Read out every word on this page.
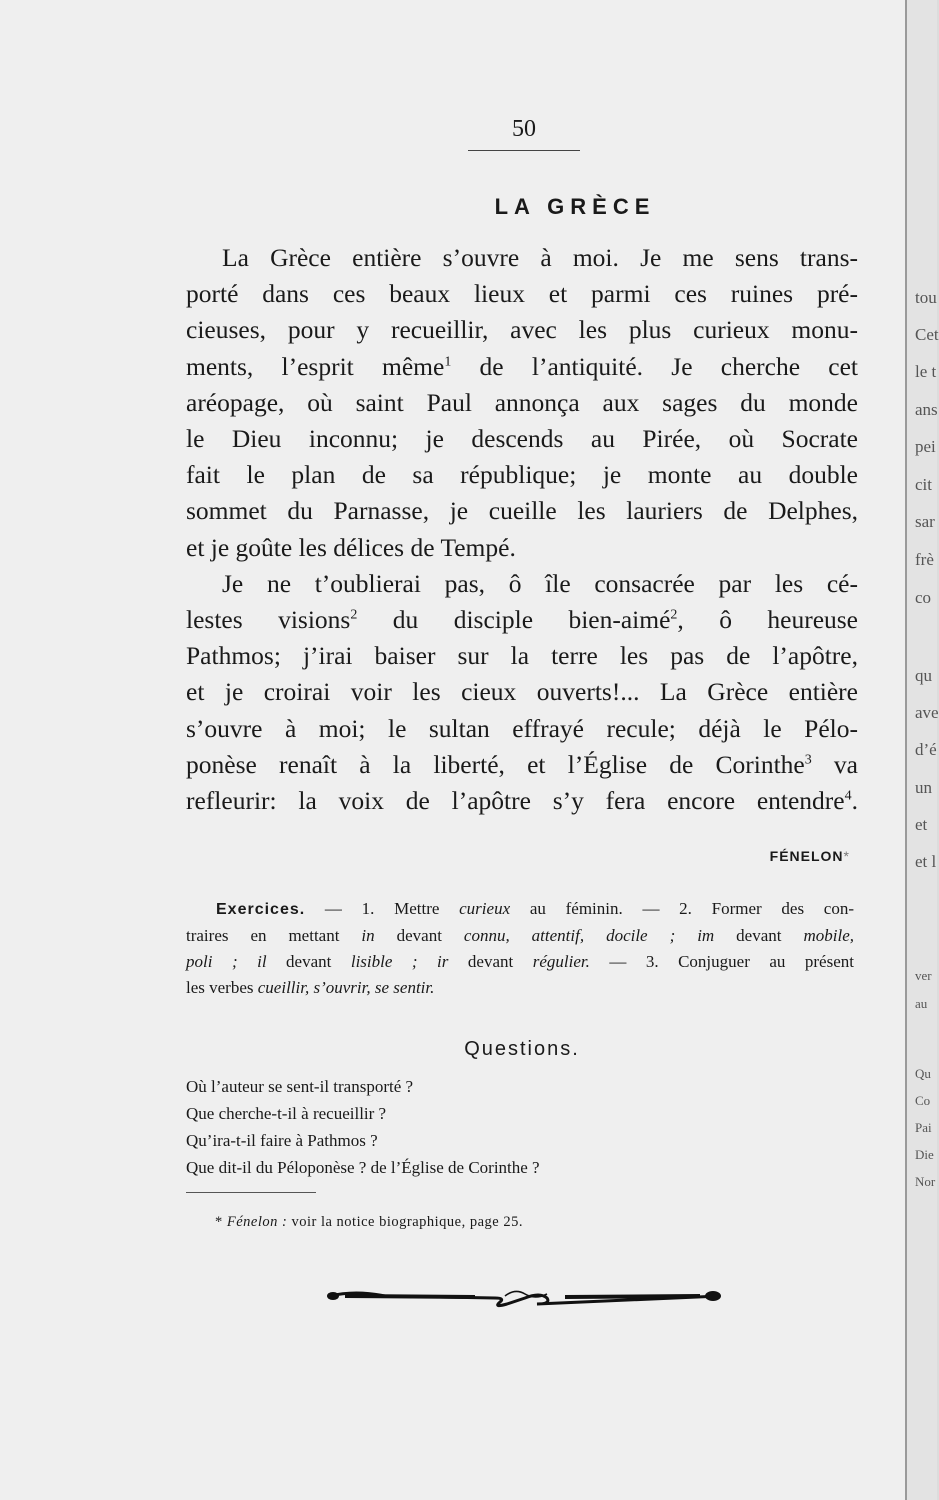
50
LA GRÈCE

La Grèce entière s’ouvre à moi. Je me sens trans-
porté dans ces beaux lieux et parmi ces ruines pré-
cieuses, pour y recueillir, avec les plus curieux monu-
ments, l’esprit même$^1$ de l’antiquité. Je cherche cet
aréopage, où saint Paul annonça aux sages du monde
le Dieu inconnu; je descends au Pirée, où Socrate
fait le plan de sa république; je monte au double
sommet du Parnasse, je cueille les lauriers de Delphes,
et je goûte les délices de Tempé.

Je ne t’oublierai pas, ô île consacrée par les cé-
lestes visions$^2$ du disciple bien-aimé$^2$, ô heureuse
Pathmos; j’irai baiser sur la terre les pas de l’apôtre,
et je croirai voir les cieux ouverts!... La Grèce entière
s’ouvre à moi; le sultan effrayé recule; déjà le Pélo-
ponèse renaît à la liberté, et l’Église de Corinthe$^3$ va
refleurir: la voix de l’apôtre s’y fera encore entendre$^4$.

FÉNELON*
Exercices. — 1. Mettre curieux au féminin. — 2. Former des con-
traires en mettant in devant connu, attentif, docile ; im devant mobile,
poli ; il devant lisible ; ir devant régulier. — 3. Conjuguer au présent
les verbes cueillir, s’ouvrir, se sentir.
Questions.
Où l’auteur se sent-il transporté ?
Que cherche-t-il à recueillir ?
Qu’ira-t-il faire à Pathmos ?
Que dit-il du Péloponèse ? de l’Église de Corinthe ?
* Fénelon : voir la notice biographique, page 25.
tou
Cet
le t
ans
pei
cit
sar
frè
co
qu
ave
d’é
un
et
et l
ver
au
Qu
Co
Pai
Die
Nor
